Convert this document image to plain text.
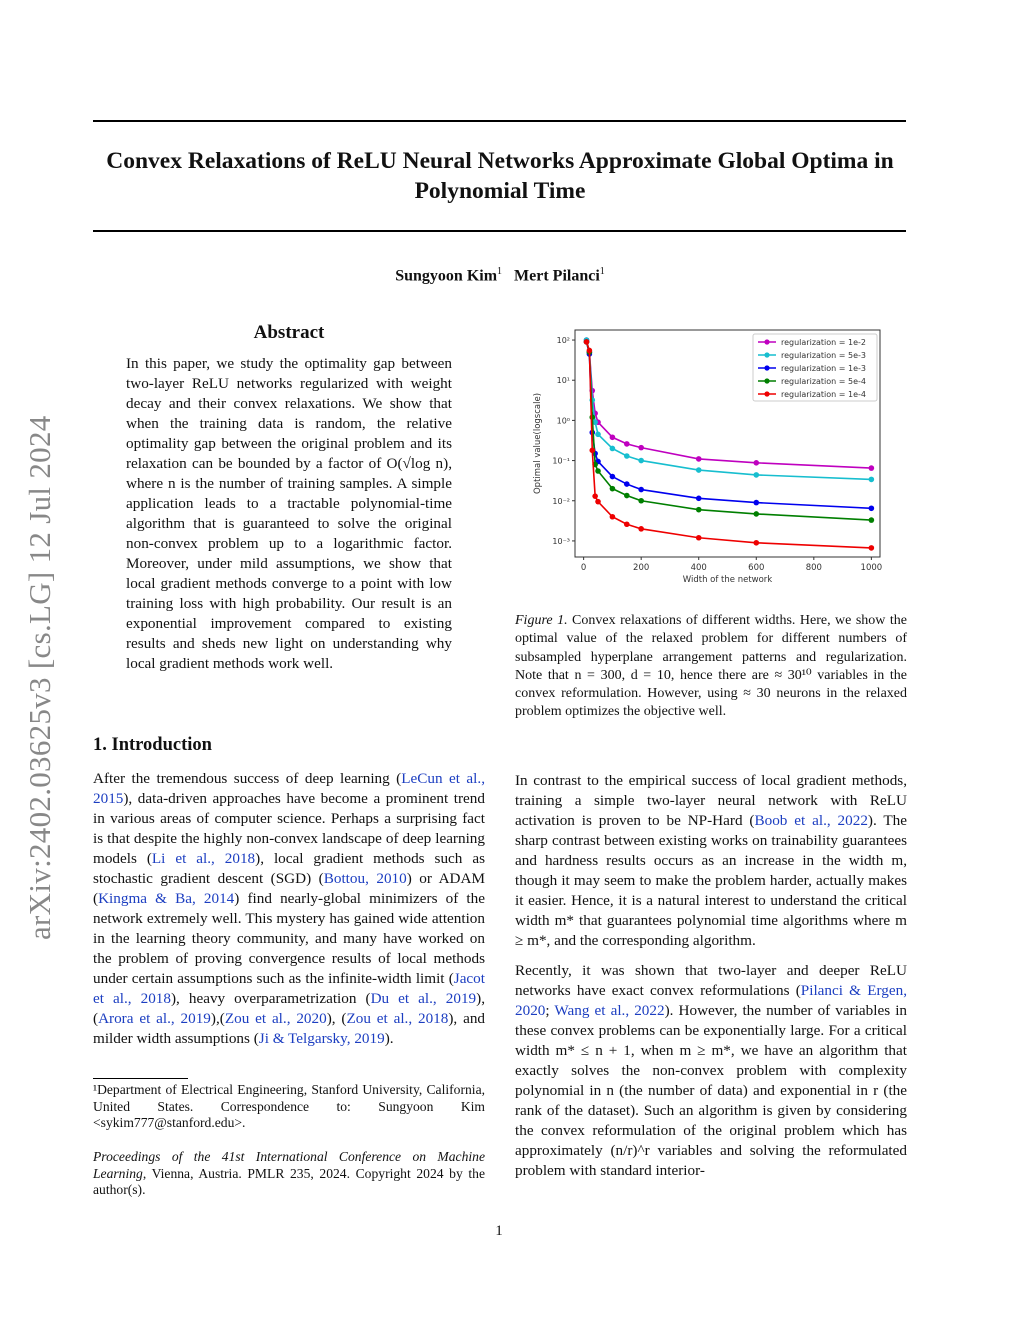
Convex Relaxations of ReLU Neural Networks Approximate Global Optima in Polynomial Time
Sungyoon Kim$^1$ Mert Pilanci$^1$
arXiv:2402.03625v3 [cs.LG] 12 Jul 2024
Abstract

In this paper, we study the optimality gap between two-layer ReLU networks regularized with weight decay and their convex relaxations. We show that when the training data is random, the relative optimality gap between the original problem and its relaxation can be bounded by a factor of O(√log n), where n is the number of training samples. A simple application leads to a tractable polynomial-time algorithm that is guaranteed to solve the original non-convex problem up to a logarithmic factor. Moreover, under mild assumptions, we show that local gradient methods converge to a point with low training loss with high probability. Our result is an exponential improvement compared to existing results and sheds new light on understanding why local gradient methods work well.

1. Introduction

After the tremendous success of deep learning (LeCun et al., 2015), data-driven approaches have become a prominent trend in various areas of computer science. Perhaps a surprising fact is that despite the highly non-convex landscape of deep learning models (Li et al., 2018), local gradient methods such as stochastic gradient descent (SGD) (Bottou, 2010) or ADAM (Kingma & Ba, 2014) find nearly-global minimizers of the network extremely well. This mystery has gained wide attention in the learning theory community, and many have worked on the problem of proving convergence results of local methods under certain assumptions such as the infinite-width limit (Jacot et al., 2018), heavy overparametrization (Du et al., 2019), (Arora et al., 2019),(Zou et al., 2020), (Zou et al., 2018), and milder width assumptions (Ji & Telgarsky, 2019).

¹Department of Electrical Engineering, Stanford University, California, United States. Correspondence to: Sungyoon Kim <sykim777@stanford.edu>.
Proceedings of the 41st International Conference on Machine Learning, Vienna, Austria. PMLR 235, 2024. Copyright 2024 by the author(s).
0	200	400	600	800	1000
10⁻³
10⁻²
10⁻¹
10⁰
10¹
10²
Width of the network
Optimal value(logscale)
regularization = 1e-2
regularization = 5e-3
regularization = 1e-3
regularization = 5e-4
regularization = 1e-4
Figure 1. Convex relaxations of different widths. Here, we show the optimal value of the relaxed problem for different numbers of subsampled hyperplane arrangement patterns and regularization. Note that n = 300, d = 10, hence there are ≈ 30¹⁰ variables in the convex reformulation. However, using ≈ 30 neurons in the relaxed problem optimizes the objective well.

In contrast to the empirical success of local gradient methods, training a simple two-layer neural network with ReLU activation is proven to be NP-Hard (Boob et al., 2022). The sharp contrast between existing works on trainability guarantees and hardness results occurs as an increase in the width m, though it may seem to make the problem harder, actually makes it easier. Hence, it is a natural interest to understand the critical width m* that guarantees polynomial time algorithms where m ≥ m*, and the corresponding algorithm.

Recently, it was shown that two-layer and deeper ReLU networks have exact convex reformulations (Pilanci & Ergen, 2020; Wang et al., 2022). However, the number of variables in these convex problems can be exponentially large. For a critical width m* ≤ n + 1, when m ≥ m*, we have an algorithm that exactly solves the non-convex problem with complexity polynomial in n (the number of data) and exponential in r (the rank of the dataset). Such an algorithm is given by considering the convex reformulation of the original problem which has approximately (n/r)^r variables and solving the reformulated problem with standard interior-

1
